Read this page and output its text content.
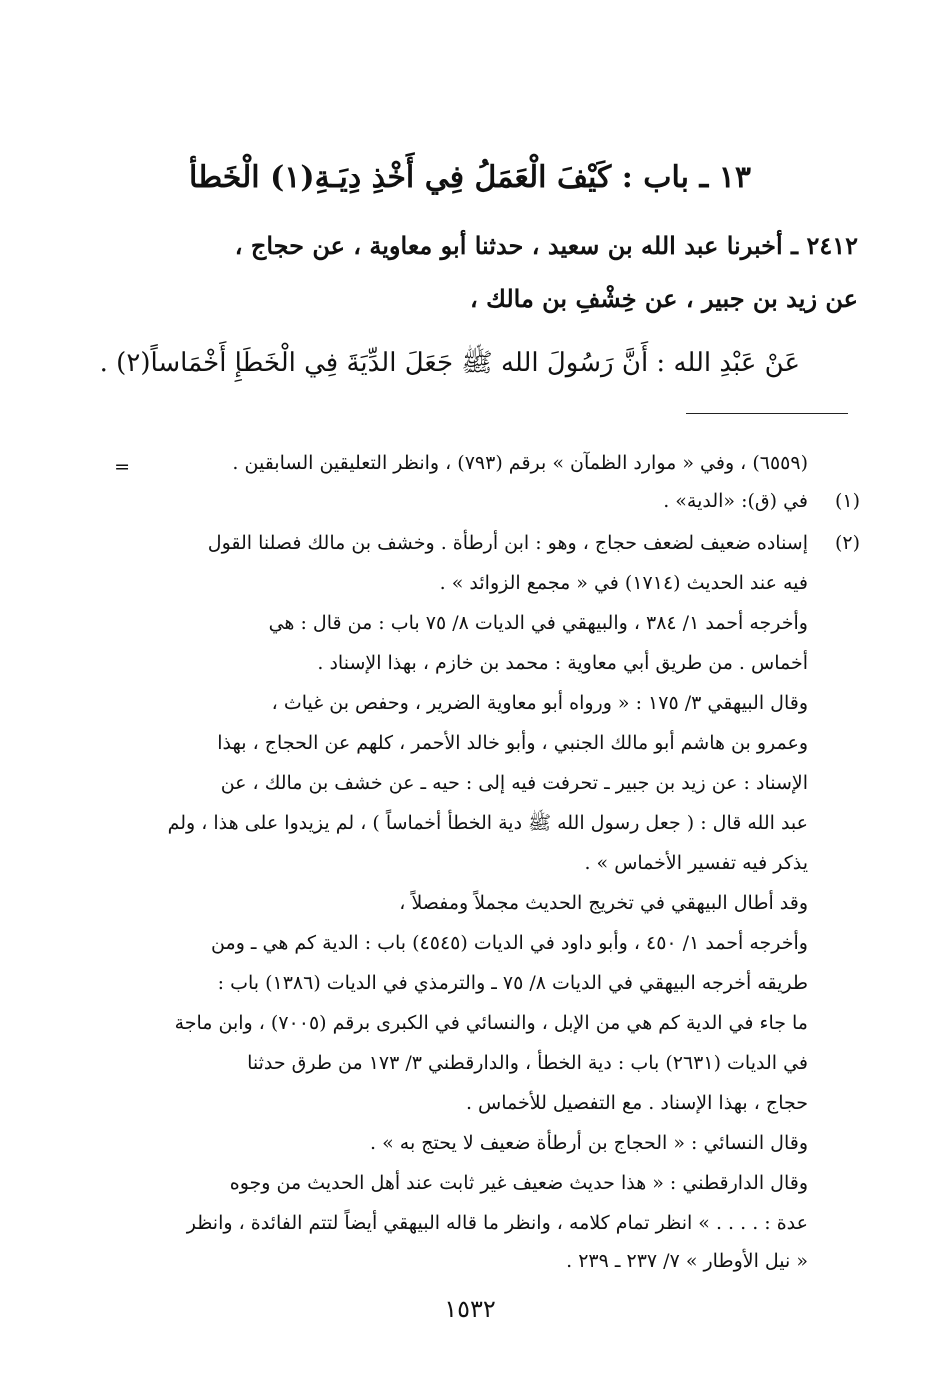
١٣ ـ باب : كَيْفَ الْعَمَلُ فِي أَخْذِ دِيَـةِ(١) الْخَطأ
٢٤١٢ ـ أخبرنا عبد الله بن سعيد ، حدثنا أبو معاوية ، عن حجاج ،
عن زيد بن جبير ، عن خِشْفِ بن مالك ،
عَنْ عَبْدِ الله : أَنَّ رَسُولَ الله ﷺ جَعَلَ الدِّيَةَ فِي الْخَطَإِ أَخْمَاساً(٢) .
=	(٦٥٥٩) ، وفي « موارد الظمآن » برقم (٧٩٣) ، وانظر التعليقين السابقين .
(١)
في (ق): «الدية» .
(٢)
إسناده ضعيف لضعف حجاج ، وهو : ابن أرطأة . وخشف بن مالك فصلنا القول
فيه عند الحديث (١٧١٤) في « مجمع الزوائد » .
وأخرجه أحمد ١/ ٣٨٤ ، والبيهقي في الديات ٨/ ٧٥ باب : من قال : هي
أخماس . من طريق أبي معاوية : محمد بن خازم ، بهذا الإسناد .
وقال البيهقي ٣/ ١٧٥ : « ورواه أبو معاوية الضرير ، وحفص بن غياث ،
وعمرو بن هاشم أبو مالك الجنبي ، وأبو خالد الأحمر ، كلهم عن الحجاج ، بهذا
الإسناد : عن زيد بن جبير ـ تحرفت فيه إلى : حيه ـ عن خشف بن مالك ، عن
عبد الله قال : ( جعل رسول الله ﷺ دية الخطأ أخماساً ) ، لم يزيدوا على هذا ، ولم
يذكر فيه تفسير الأخماس » .
وقد أطال البيهقي في تخريج الحديث مجملاً ومفصلاً ،
وأخرجه أحمد ١/ ٤٥٠ ، وأبو داود في الديات (٤٥٤٥) باب : الدية كم هي ـ ومن
طريقه أخرجه البيهقي في الديات ٨/ ٧٥ ـ والترمذي في الديات (١٣٨٦) باب :
ما جاء في الدية كم هي من الإبل ، والنسائي في الكبرى برقم (٧٠٠٥) ، وابن ماجة
في الديات (٢٦٣١) باب : دية الخطأ ، والدارقطني ٣/ ١٧٣ من طرق حدثنا
حجاج ، بهذا الإسناد . مع التفصيل للأخماس .
وقال النسائي : « الحجاج بن أرطأة ضعيف لا يحتج به » .
وقال الدارقطني : « هذا حديث ضعيف غير ثابت عند أهل الحديث من وجوه
عدة : . . . . » انظر تمام كلامه ، وانظر ما قاله البيهقي أيضاً لتتم الفائدة ، وانظر
« نيل الأوطار » ٧/ ٢٣٧ ـ ٢٣٩ .
١٥٣٢
